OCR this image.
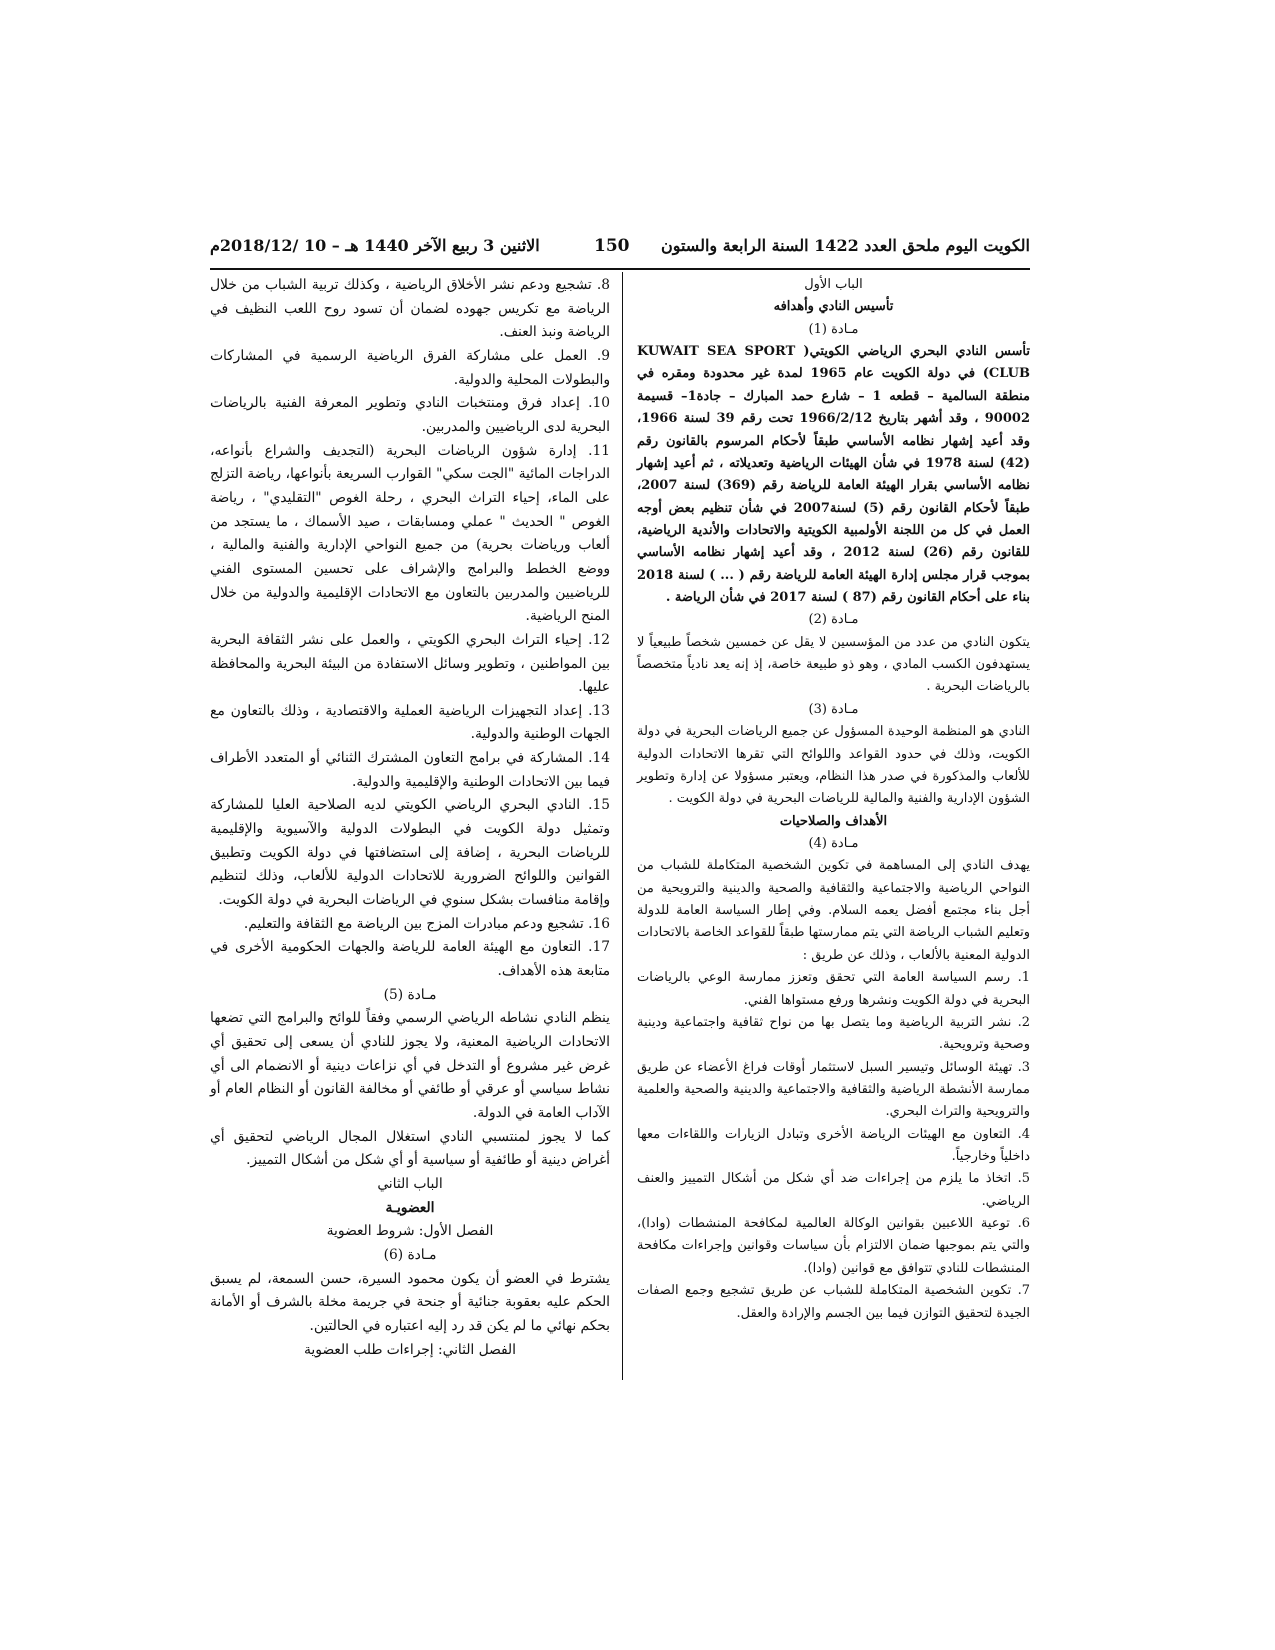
الكويت اليوم ملحق العدد 1422 السنة الرابعة والستون
150
الاثنين 3 ربيع الآخر 1440 هـ – 10 /2018/12م

الباب الأول

تأسيس النادي وأهدافه

مـادة (1)

تأسس النادي البحري الرياضي الكويتي( KUWAIT SEA SPORT CLUB) في دولة الكويت عام 1965 لمدة غير محدودة ومقره في منطقة السالمية – قطعه 1 – شارع حمد المبارك – جادة1– قسيمة 90002 ، وقد أشهر بتاريخ 1966/2/12 تحت رقم 39 لسنة 1966، وقد أعيد إشهار نظامه الأساسي طبقاً لأحكام المرسوم بالقانون رقم (42) لسنة 1978 في شأن الهيئات الرياضية وتعديلاته ، ثم أعيد إشهار نظامه الأساسي بقرار الهيئة العامة للرياضة رقم (369) لسنة 2007، طبقاً لأحكام القانون رقم (5) لسنة2007 في شأن تنظيم بعض أوجه العمل في كل من اللجنة الأولمبية الكويتية والاتحادات والأندية الرياضية، للقانون رقم (26) لسنة 2012 ، وقد أعيد إشهار نظامه الأساسي بموجب قرار مجلس إدارة الهيئة العامة للرياضة رقم ( ... ) لسنة 2018 بناء على أحكام القانون رقم (87 ) لسنة 2017 في شأن الرياضة .

مـادة (2)

يتكون النادي من عدد من المؤسسين لا يقل عن خمسين شخصاً طبيعياً لا يستهدفون الكسب المادي ، وهو ذو طبيعة خاصة، إذ إنه يعد نادياً متخصصاً بالرياضات البحرية .

مـادة (3)

النادي هو المنظمة الوحيدة المسؤول عن جميع الرياضات البحرية في دولة الكويت، وذلك في حدود القواعد واللوائح التي تقرها الاتحادات الدولية للألعاب والمذكورة في صدر هذا النظام، ويعتبر مسؤولا عن إدارة وتطوير الشؤون الإدارية والفنية والمالية للرياضات البحرية في دولة الكويت .

الأهداف والصلاحيات

مـادة (4)

يهدف النادي إلى المساهمة في تكوين الشخصية المتكاملة للشباب من النواحي الرياضية والاجتماعية والثقافية والصحية والدينية والترويحية من أجل بناء مجتمع أفضل يعمه السلام. وفي إطار السياسة العامة للدولة وتعليم الشباب الرياضة التي يتم ممارستها طبقاً للقواعد الخاصة بالاتحادات الدولية المعنية بالألعاب ، وذلك عن طريق :

1. رسم السياسة العامة التي تحقق وتعزز ممارسة الوعي بالرياضات البحرية في دولة الكويت ونشرها ورفع مستواها الفني.

2. نشر التربية الرياضية وما يتصل بها من نواح ثقافية واجتماعية ودينية وصحية وترويحية.

3. تهيئة الوسائل وتيسير السبل لاستثمار أوقات فراغ الأعضاء عن طريق ممارسة الأنشطة الرياضية والثقافية والاجتماعية والدينية والصحية والعلمية والترويحية والتراث البحري.

4. التعاون مع الهيئات الرياضة الأخرى وتبادل الزيارات واللقاءات معها داخلياً وخارجياً.

5. اتخاذ ما يلزم من إجراءات ضد أي شكل من أشكال التمييز والعنف الرياضي.

6. توعية اللاعبين بقوانين الوكالة العالمية لمكافحة المنشطات (وادا)، والتي يتم بموجبها ضمان الالتزام بأن سياسات وقوانين وإجراءات مكافحة المنشطات للنادي تتوافق مع قوانين (وادا).

7. تكوين الشخصية المتكاملة للشباب عن طريق تشجيع وجمع الصفات الجيدة لتحقيق التوازن فيما بين الجسم والإرادة والعقل.

8. تشجيع ودعم نشر الأخلاق الرياضية ، وكذلك تربية الشباب من خلال الرياضة مع تكريس جهوده لضمان أن تسود روح اللعب النظيف في الرياضة ونبذ العنف.

9. العمل على مشاركة الفرق الرياضية الرسمية في المشاركات والبطولات المحلية والدولية.

10. إعداد فرق ومنتخبات النادي وتطوير المعرفة الفنية بالرياضات البحرية لدى الرياضيين والمدربين.

11. إدارة شؤون الرياضات البحرية (التجديف والشراع بأنواعه، الدراجات المائية "الجت سكي" القوارب السريعة بأنواعها، رياضة التزلج على الماء، إحياء التراث البحري ، رحلة الغوص "التقليدي" ، رياضة الغوص " الحديث " عملي ومسابقات ، صيد الأسماك ، ما يستجد من ألعاب ورياضات بحرية) من جميع النواحي الإدارية والفنية والمالية ، ووضع الخطط والبرامج والإشراف على تحسين المستوى الفني للرياضيين والمدربين بالتعاون مع الاتحادات الإقليمية والدولية من خلال المنح الرياضية.

12. إحياء التراث البحري الكويتي ، والعمل على نشر الثقافة البحرية بين المواطنين ، وتطوير وسائل الاستفادة من البيئة البحرية والمحافظة عليها.

13. إعداد التجهيزات الرياضية العملية والاقتصادية ، وذلك بالتعاون مع الجهات الوطنية والدولية.

14. المشاركة في برامج التعاون المشترك الثنائي أو المتعدد الأطراف فيما بين الاتحادات الوطنية والإقليمية والدولية.

15. النادي البحري الرياضي الكويتي لديه الصلاحية العليا للمشاركة وتمثيل دولة الكويت في البطولات الدولية والآسيوية والإقليمية للرياضات البحرية ، إضافة إلى استضافتها في دولة الكويت وتطبيق القوانين واللوائح الضرورية للاتحادات الدولية للألعاب، وذلك لتنظيم وإقامة منافسات بشكل سنوي في الرياضات البحرية في دولة الكويت.

16. تشجيع ودعم مبادرات المزج بين الرياضة مع الثقافة والتعليم.

17. التعاون مع الهيئة العامة للرياضة والجهات الحكومية الأخرى في متابعة هذه الأهداف.

مـادة (5)

ينظم النادي نشاطه الرياضي الرسمي وفقاً للوائح والبرامج التي تضعها الاتحادات الرياضية المعنية، ولا يجوز للنادي أن يسعى إلى تحقيق أي غرض غير مشروع أو التدخل في أي نزاعات دينية أو الانضمام الى أي نشاط سياسي أو عرقي أو طائفي أو مخالفة القانون أو النظام العام أو الآداب العامة في الدولة.

كما لا يجوز لمنتسبي النادي استغلال المجال الرياضي لتحقيق أي أغراض دينية أو طائفية أو سياسية أو أي شكل من أشكال التمييز.

الباب الثاني

العضويـة

الفصل الأول: شروط العضوية

مـادة (6)

يشترط في العضو أن يكون محمود السيرة، حسن السمعة، لم يسبق الحكم عليه بعقوبة جنائية أو جنحة في جريمة مخلة بالشرف أو الأمانة بحكم نهائي ما لم يكن قد رد إليه اعتباره في الحالتين.

الفصل الثاني: إجراءات طلب العضوية
